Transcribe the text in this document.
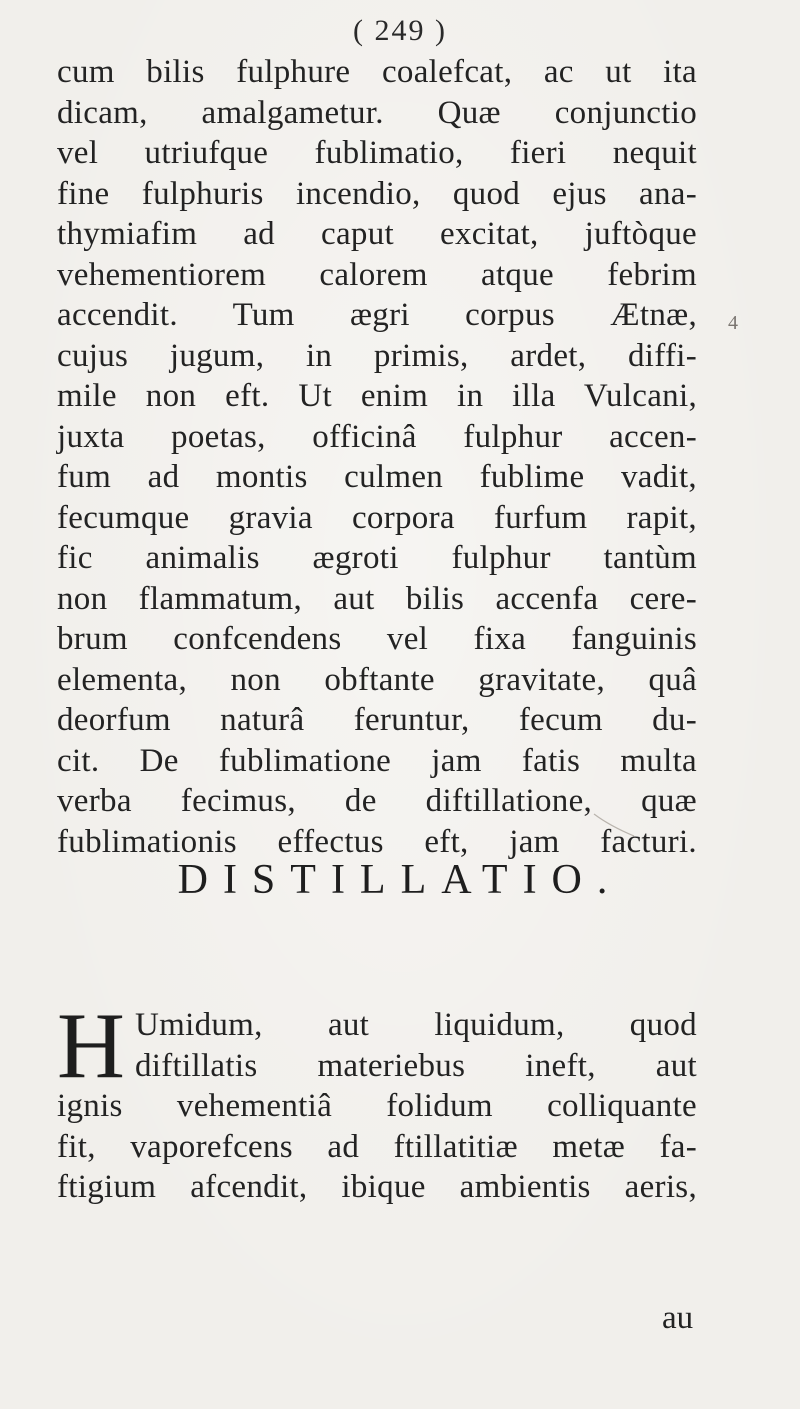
( 249 )
4
cum bilis fulphure coalefcat, ac ut ita
dicam, amalgametur. Quæ conjunctio
vel utriufque fublimatio, fieri nequit
fine fulphuris incendio, quod ejus ana-
thymiafim ad caput excitat, juftòque
vehementiorem calorem atque febrim
accendit. Tum ægri corpus Ætnæ,
cujus jugum, in primis, ardet, diffi-
mile non eft. Ut enim in illa Vulcani,
juxta poetas, officinâ fulphur accen-
fum ad montis culmen fublime vadit,
fecumque gravia corpora furfum rapit,
fic animalis ægroti fulphur tantùm
non flammatum, aut bilis accenfa cere-
brum confcendens vel fixa fanguinis
elementa, non obftante gravitate, quâ
deorfum naturâ feruntur, fecum du-
cit. De fublimatione jam fatis multa
verba fecimus, de diftillatione, quæ
fublimationis effectus eft, jam facturi.
DISTILLATIO.
H Umidum, aut liquidum, quod
diftillatis materiebus ineft, aut
ignis vehementiâ folidum colliquante
fit, vaporefcens ad ftillatitiæ metæ fa-
ftigium afcendit, ibique ambientis aeris,
au
